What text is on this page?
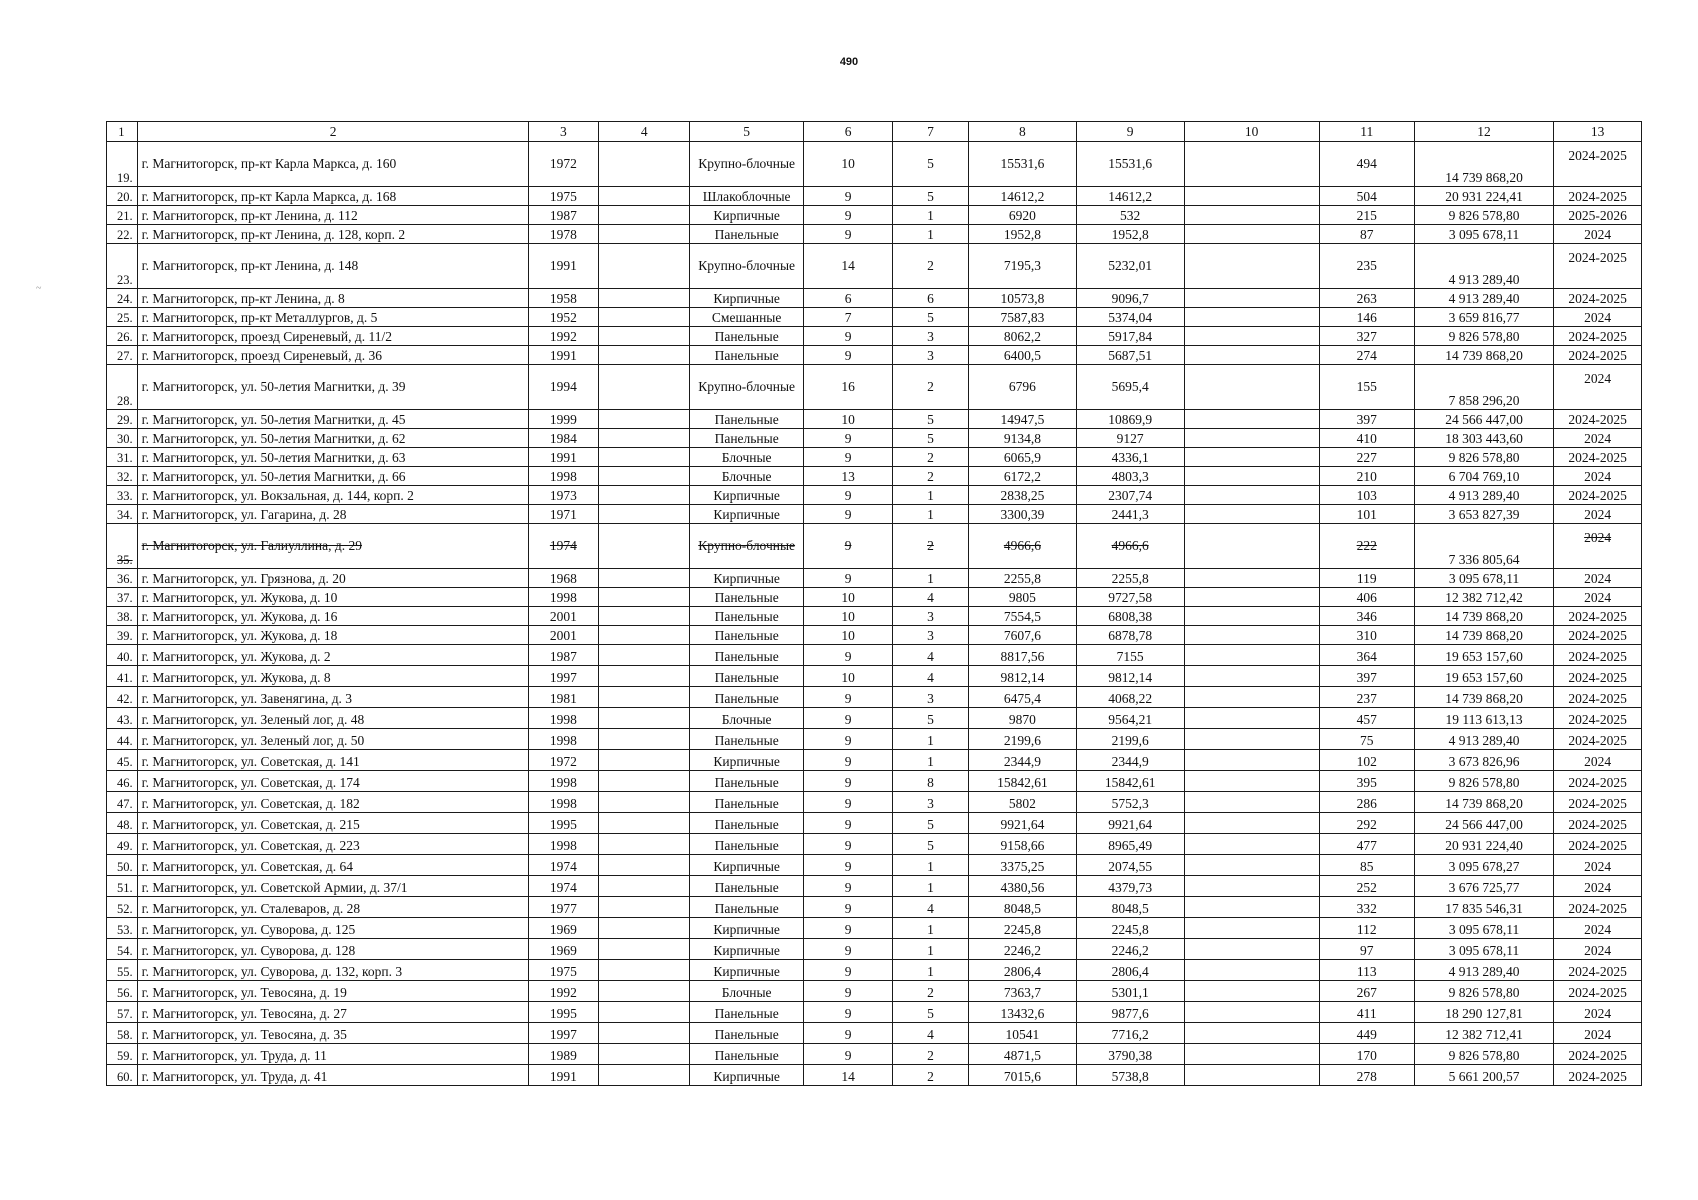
490
1	2	3	4	5	6	7	8	9	10	11	12	13
19.	г. Магнитогорск, пр-кт Карла Маркса, д. 160	1972		Крупно-блочные	10	5	15531,6	15531,6		494	14 739 868,20	2024-2025
20.	г. Магнитогорск, пр-кт Карла Маркса, д. 168	1975		Шлакоблочные	9	5	14612,2	14612,2		504	20 931 224,41	2024-2025
21.	г. Магнитогорск, пр-кт Ленина, д. 112	1987		Кирпичные	9	1	6920	532		215	9 826 578,80	2025-2026
22.	г. Магнитогорск, пр-кт Ленина, д. 128, корп. 2	1978		Панельные	9	1	1952,8	1952,8		87	3 095 678,11	2024
23.	г. Магнитогорск, пр-кт Ленина, д. 148	1991		Крупно-блочные	14	2	7195,3	5232,01		235	4 913 289,40	2024-2025
24.	г. Магнитогорск, пр-кт Ленина, д. 8	1958		Кирпичные	6	6	10573,8	9096,7		263	4 913 289,40	2024-2025
25.	г. Магнитогорск, пр-кт Металлургов, д. 5	1952		Смешанные	7	5	7587,83	5374,04		146	3 659 816,77	2024
26.	г. Магнитогорск, проезд Сиреневый, д. 11/2	1992		Панельные	9	3	8062,2	5917,84		327	9 826 578,80	2024-2025
27.	г. Магнитогорск, проезд Сиреневый, д. 36	1991		Панельные	9	3	6400,5	5687,51		274	14 739 868,20	2024-2025
28.	г. Магнитогорск, ул. 50-летия Магнитки, д. 39	1994		Крупно-блочные	16	2	6796	5695,4		155	7 858 296,20	2024
29.	г. Магнитогорск, ул. 50-летия Магнитки, д. 45	1999		Панельные	10	5	14947,5	10869,9		397	24 566 447,00	2024-2025
30.	г. Магнитогорск, ул. 50-летия Магнитки, д. 62	1984		Панельные	9	5	9134,8	9127		410	18 303 443,60	2024
31.	г. Магнитогорск, ул. 50-летия Магнитки, д. 63	1991		Блочные	9	2	6065,9	4336,1		227	9 826 578,80	2024-2025
32.	г. Магнитогорск, ул. 50-летия Магнитки, д. 66	1998		Блочные	13	2	6172,2	4803,3		210	6 704 769,10	2024
33.	г. Магнитогорск, ул. Вокзальная, д. 144, корп. 2	1973		Кирпичные	9	1	2838,25	2307,74		103	4 913 289,40	2024-2025
34.	г. Магнитогорск, ул. Гагарина, д. 28	1971		Кирпичные	9	1	3300,39	2441,3		101	3 653 827,39	2024
35.	г. Магнитогорск, ул. Галиуллина, д. 29	1974		Крупно-блочные	9	2	4966,6	4966,6		222	7 336 805,64	2024
36.	г. Магнитогорск, ул. Грязнова, д. 20	1968		Кирпичные	9	1	2255,8	2255,8		119	3 095 678,11	2024
37.	г. Магнитогорск, ул. Жукова, д. 10	1998		Панельные	10	4	9805	9727,58		406	12 382 712,42	2024
38.	г. Магнитогорск, ул. Жукова, д. 16	2001		Панельные	10	3	7554,5	6808,38		346	14 739 868,20	2024-2025
39.	г. Магнитогорск, ул. Жукова, д. 18	2001		Панельные	10	3	7607,6	6878,78		310	14 739 868,20	2024-2025
40.	г. Магнитогорск, ул. Жукова, д. 2	1987		Панельные	9	4	8817,56	7155		364	19 653 157,60	2024-2025
41.	г. Магнитогорск, ул. Жукова, д. 8	1997		Панельные	10	4	9812,14	9812,14		397	19 653 157,60	2024-2025
42.	г. Магнитогорск, ул. Завенягина, д. 3	1981		Панельные	9	3	6475,4	4068,22		237	14 739 868,20	2024-2025
43.	г. Магнитогорск, ул. Зеленый лог, д. 48	1998		Блочные	9	5	9870	9564,21		457	19 113 613,13	2024-2025
44.	г. Магнитогорск, ул. Зеленый лог, д. 50	1998		Панельные	9	1	2199,6	2199,6		75	4 913 289,40	2024-2025
45.	г. Магнитогорск, ул. Советская, д. 141	1972		Кирпичные	9	1	2344,9	2344,9		102	3 673 826,96	2024
46.	г. Магнитогорск, ул. Советская, д. 174	1998		Панельные	9	8	15842,61	15842,61		395	9 826 578,80	2024-2025
47.	г. Магнитогорск, ул. Советская, д. 182	1998		Панельные	9	3	5802	5752,3		286	14 739 868,20	2024-2025
48.	г. Магнитогорск, ул. Советская, д. 215	1995		Панельные	9	5	9921,64	9921,64		292	24 566 447,00	2024-2025
49.	г. Магнитогорск, ул. Советская, д. 223	1998		Панельные	9	5	9158,66	8965,49		477	20 931 224,40	2024-2025
50.	г. Магнитогорск, ул. Советская, д. 64	1974		Кирпичные	9	1	3375,25	2074,55		85	3 095 678,27	2024
51.	г. Магнитогорск, ул. Советской Армии, д. 37/1	1974		Панельные	9	1	4380,56	4379,73		252	3 676 725,77	2024
52.	г. Магнитогорск, ул. Сталеваров, д. 28	1977		Панельные	9	4	8048,5	8048,5		332	17 835 546,31	2024-2025
53.	г. Магнитогорск, ул. Суворова, д. 125	1969		Кирпичные	9	1	2245,8	2245,8		112	3 095 678,11	2024
54.	г. Магнитогорск, ул. Суворова, д. 128	1969		Кирпичные	9	1	2246,2	2246,2		97	3 095 678,11	2024
55.	г. Магнитогорск, ул. Суворова, д. 132, корп. 3	1975		Кирпичные	9	1	2806,4	2806,4		113	4 913 289,40	2024-2025
56.	г. Магнитогорск, ул. Тевосяна, д. 19	1992		Блочные	9	2	7363,7	5301,1		267	9 826 578,80	2024-2025
57.	г. Магнитогорск, ул. Тевосяна, д. 27	1995		Панельные	9	5	13432,6	9877,6		411	18 290 127,81	2024
58.	г. Магнитогорск, ул. Тевосяна, д. 35	1997		Панельные	9	4	10541	7716,2		449	12 382 712,41	2024
59.	г. Магнитогорск, ул. Труда, д. 11	1989		Панельные	9	2	4871,5	3790,38		170	9 826 578,80	2024-2025
60.	г. Магнитогорск, ул. Труда, д. 41	1991		Кирпичные	14	2	7015,6	5738,8		278	5 661 200,57	2024-2025
~
